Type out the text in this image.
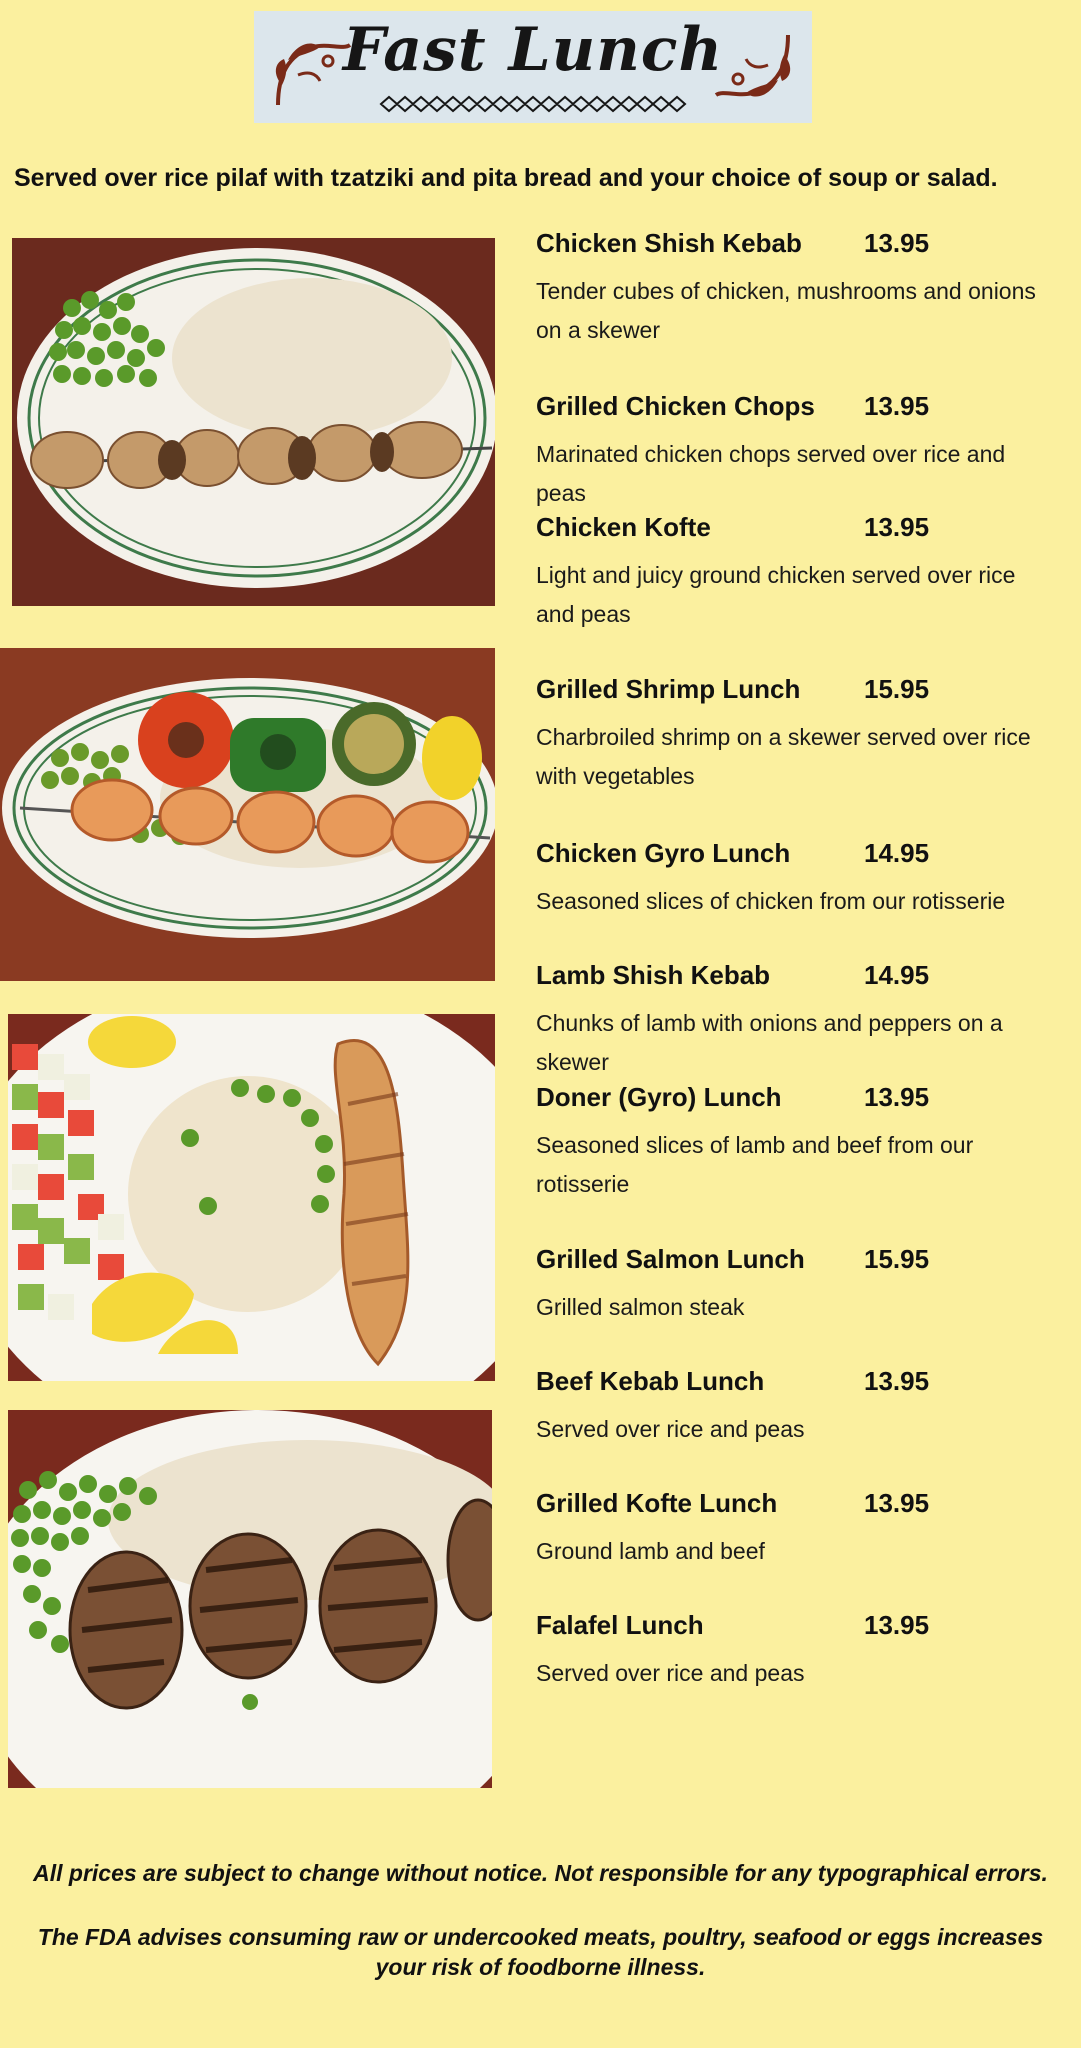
Fast Lunch
Served over rice pilaf with tzatziki and pita bread and your choice of soup or salad.
Chicken Shish Kebab 13.95
Tender cubes of chicken, mushrooms and onions on a skewer
Grilled Chicken Chops 13.95
Marinated chicken chops served over rice and peas
Chicken Kofte	13.95
Light and juicy ground chicken served over rice and peas
Grilled Shrimp Lunch 15.95
Charbroiled shrimp on a skewer served over rice with vegetables
Chicken Gyro Lunch	14.95
Seasoned slices of chicken from our rotisserie
Lamb Shish Kebab	14.95
Chunks of lamb with onions and peppers on a skewer
Doner (Gyro) Lunch	13.95
Seasoned slices of lamb and beef from our rotisserie
Grilled Salmon Lunch 15.95
Grilled salmon steak
Beef Kebab Lunch	13.95
Served over rice and peas
Grilled Kofte Lunch	13.95
Ground lamb and beef
Falafel Lunch	13.95
Served over rice and peas
All prices are subject to change without notice. Not responsible for any typographical errors.
The FDA advises consuming raw or undercooked meats, poultry, seafood or eggs increases your risk of foodborne illness.
